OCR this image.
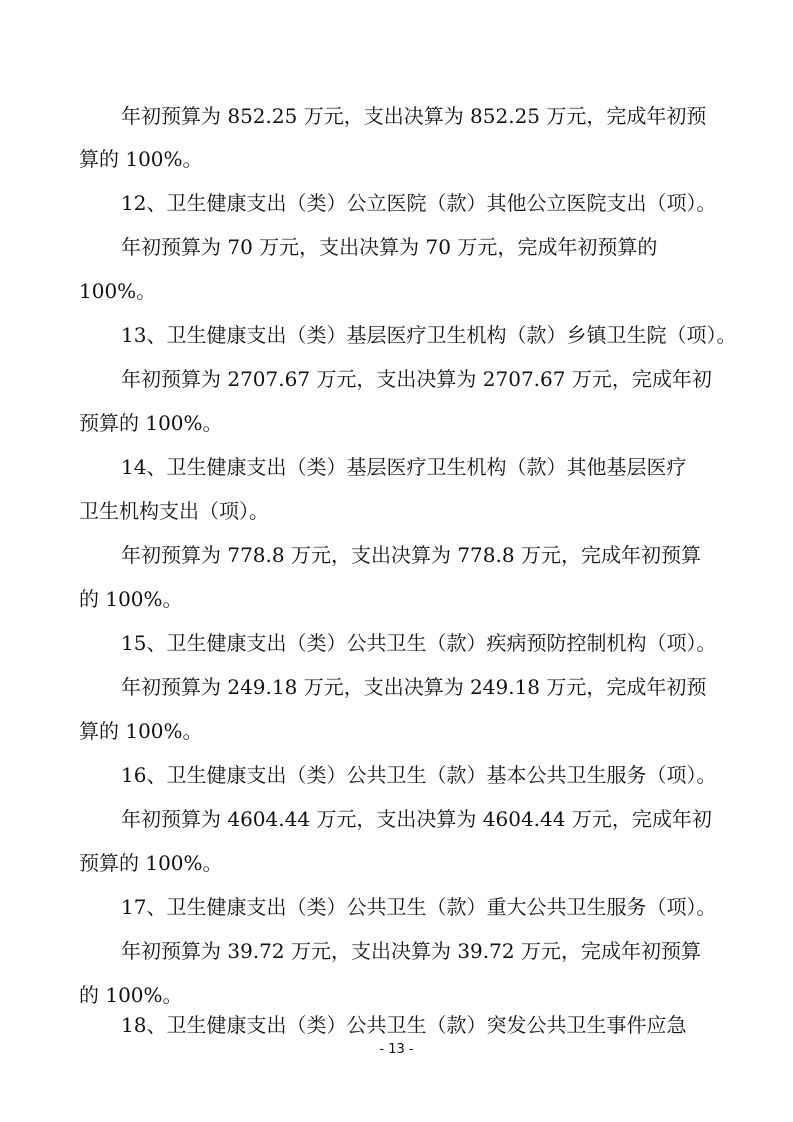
年初预算为 852.25 万元，支出决算为 852.25 万元，完成年初预
算的 100%。
12、卫生健康支出（类）公立医院（款）其他公立医院支出（项）。
年初预算为 70 万元，支出决算为 70 万元，完成年初预算的
100%。
13、卫生健康支出（类）基层医疗卫生机构（款）乡镇卫生院（项）。
年初预算为 2707.67 万元，支出决算为 2707.67 万元，完成年初
预算的 100%。
14、卫生健康支出（类）基层医疗卫生机构（款）其他基层医疗
卫生机构支出（项）。
年初预算为 778.8 万元，支出决算为 778.8 万元，完成年初预算
的 100%。
15、卫生健康支出（类）公共卫生（款）疾病预防控制机构（项）。
年初预算为 249.18 万元，支出决算为 249.18 万元，完成年初预
算的 100%。
16、卫生健康支出（类）公共卫生（款）基本公共卫生服务（项）。
年初预算为 4604.44 万元，支出决算为 4604.44 万元，完成年初
预算的 100%。
17、卫生健康支出（类）公共卫生（款）重大公共卫生服务（项）。
年初预算为 39.72 万元，支出决算为 39.72 万元，完成年初预算
的 100%。
18、卫生健康支出（类）公共卫生（款）突发公共卫生事件应急
- 13 -
